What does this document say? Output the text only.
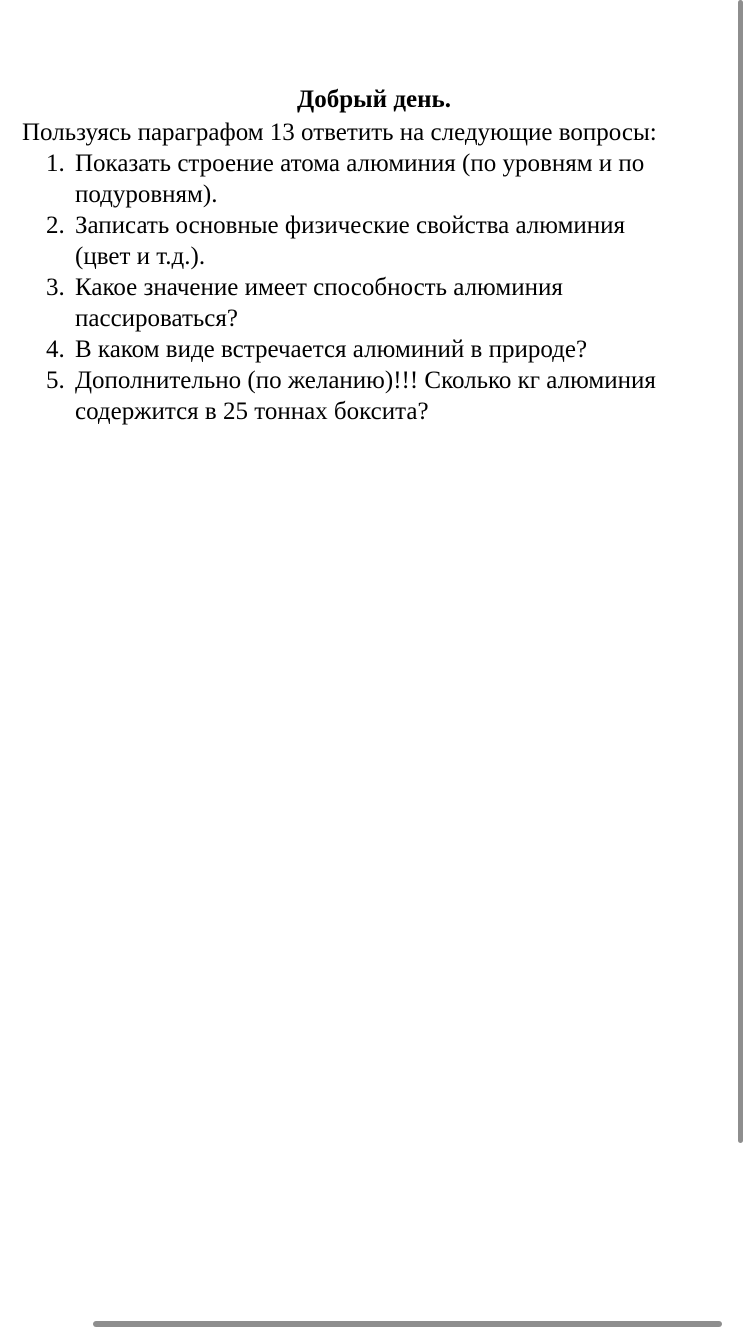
Добрый день.
Пользуясь параграфом 13 ответить на следующие вопросы:
1. Показать строение атома алюминия (по уровням и по
подуровням).
2. Записать основные физические свойства алюминия
(цвет и т.д.).
3. Какое значение имеет способность алюминия
пассироваться?
4. В каком виде встречается алюминий в природе?
5. Дополнительно (по желанию)!!! Сколько кг алюминия
содержится в 25 тоннах боксита?
